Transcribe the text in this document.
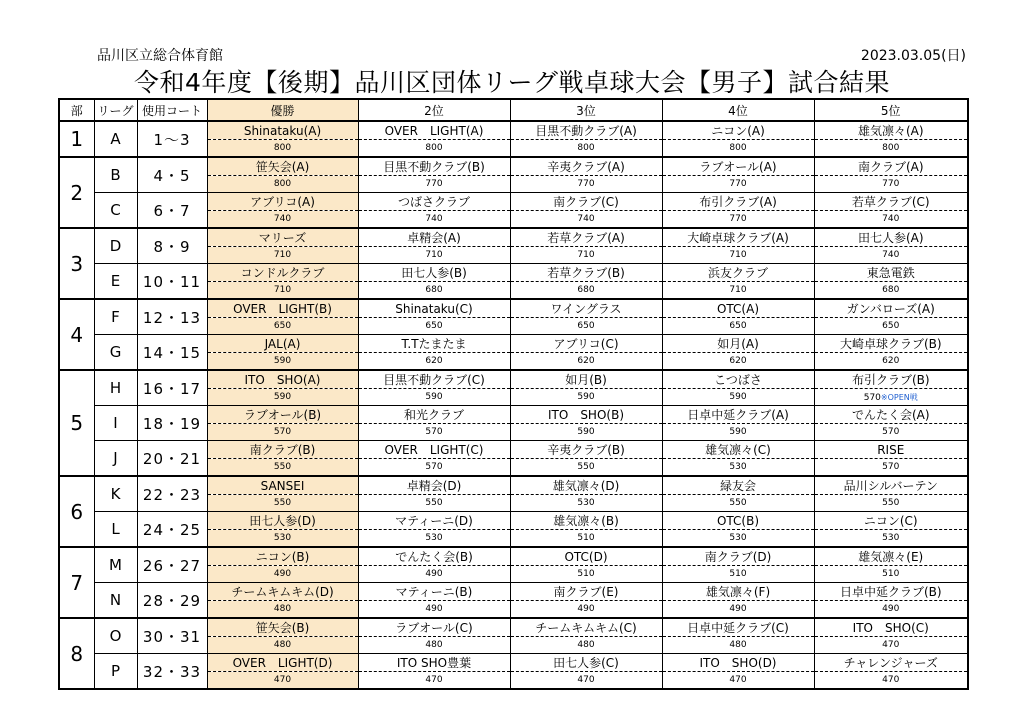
品川区立総合体育館	2023.03.05(日)
令和4年度【後期】品川区団体リーグ戦卓球大会【男子】試合結果
部	リーグ	使用コート	優勝	2位	3位	4位	5位
1	A	1～3	Shinataku(A)	OVER　LIGHT(A)	目黒不動クラブ(A)	ニコン(A)	雄気凛々(A)
			800	800	800	800	800
2	B	4・5	笹矢会(A)	目黒不動クラブ(B)	辛夷クラブ(A)	ラブオール(A)	南クラブ(A)
			800	770	770	770	770
	C	6・7	アブリコ(A)	つばさクラブ	南クラブ(C)	布引クラブ(A)	若草クラブ(C)
			740	740	740	770	740
3	D	8・9	マリーズ	卓精会(A)	若草クラブ(A)	大崎卓球クラブ(A)	田七人参(A)
			710	710	710	710	740
	E	10・11	コンドルクラブ	田七人参(B)	若草クラブ(B)	浜友クラブ	東急電鉄
			710	680	680	710	680
4	F	12・13	OVER　LIGHT(B)	Shinataku(C)	ワイングラス	OTC(A)	ガンバローズ(A)
			650	650	650	650	650
	G	14・15	JAL(A)	T.Tたまたま	アブリコ(C)	如月(A)	大崎卓球クラブ(B)
			590	620	620	620	620
5	H	16・17	ITO　SHO(A)	目黒不動クラブ(C)	如月(B)	こつばさ	布引クラブ(B)
			590	590	590	590	570※OPEN戦
	I	18・19	ラブオール(B)	和光クラブ	ITO　SHO(B)	日卓中延クラブ(A)	でんたく会(A)
			570	570	590	590	570
	J	20・21	南クラブ(B)	OVER　LIGHT(C)	辛夷クラブ(B)	雄気凛々(C)	RISE
			550	570	550	530	570
6	K	22・23	SANSEI	卓精会(D)	雄気凛々(D)	緑友会	品川シルバーテン
			550	550	530	550	550
	L	24・25	田七人参(D)	マティーニ(D)	雄気凛々(B)	OTC(B)	ニコン(C)
			530	530	510	530	530
7	M	26・27	ニコン(B)	でんたく会(B)	OTC(D)	南クラブ(D)	雄気凛々(E)
			490	490	510	510	510
	N	28・29	チームキムキム(D)	マティーニ(B)	南クラブ(E)	雄気凛々(F)	日卓中延クラブ(B)
			480	490	490	490	490
8	O	30・31	笹矢会(B)	ラブオール(C)	チームキムキム(C)	日卓中延クラブ(C)	ITO　SHO(C)
			480	480	480	480	470
	P	32・33	OVER　LIGHT(D)	ITO SHO豊葉	田七人参(C)	ITO　SHO(D)	チャレンジャーズ
			470	470	470	470	470
